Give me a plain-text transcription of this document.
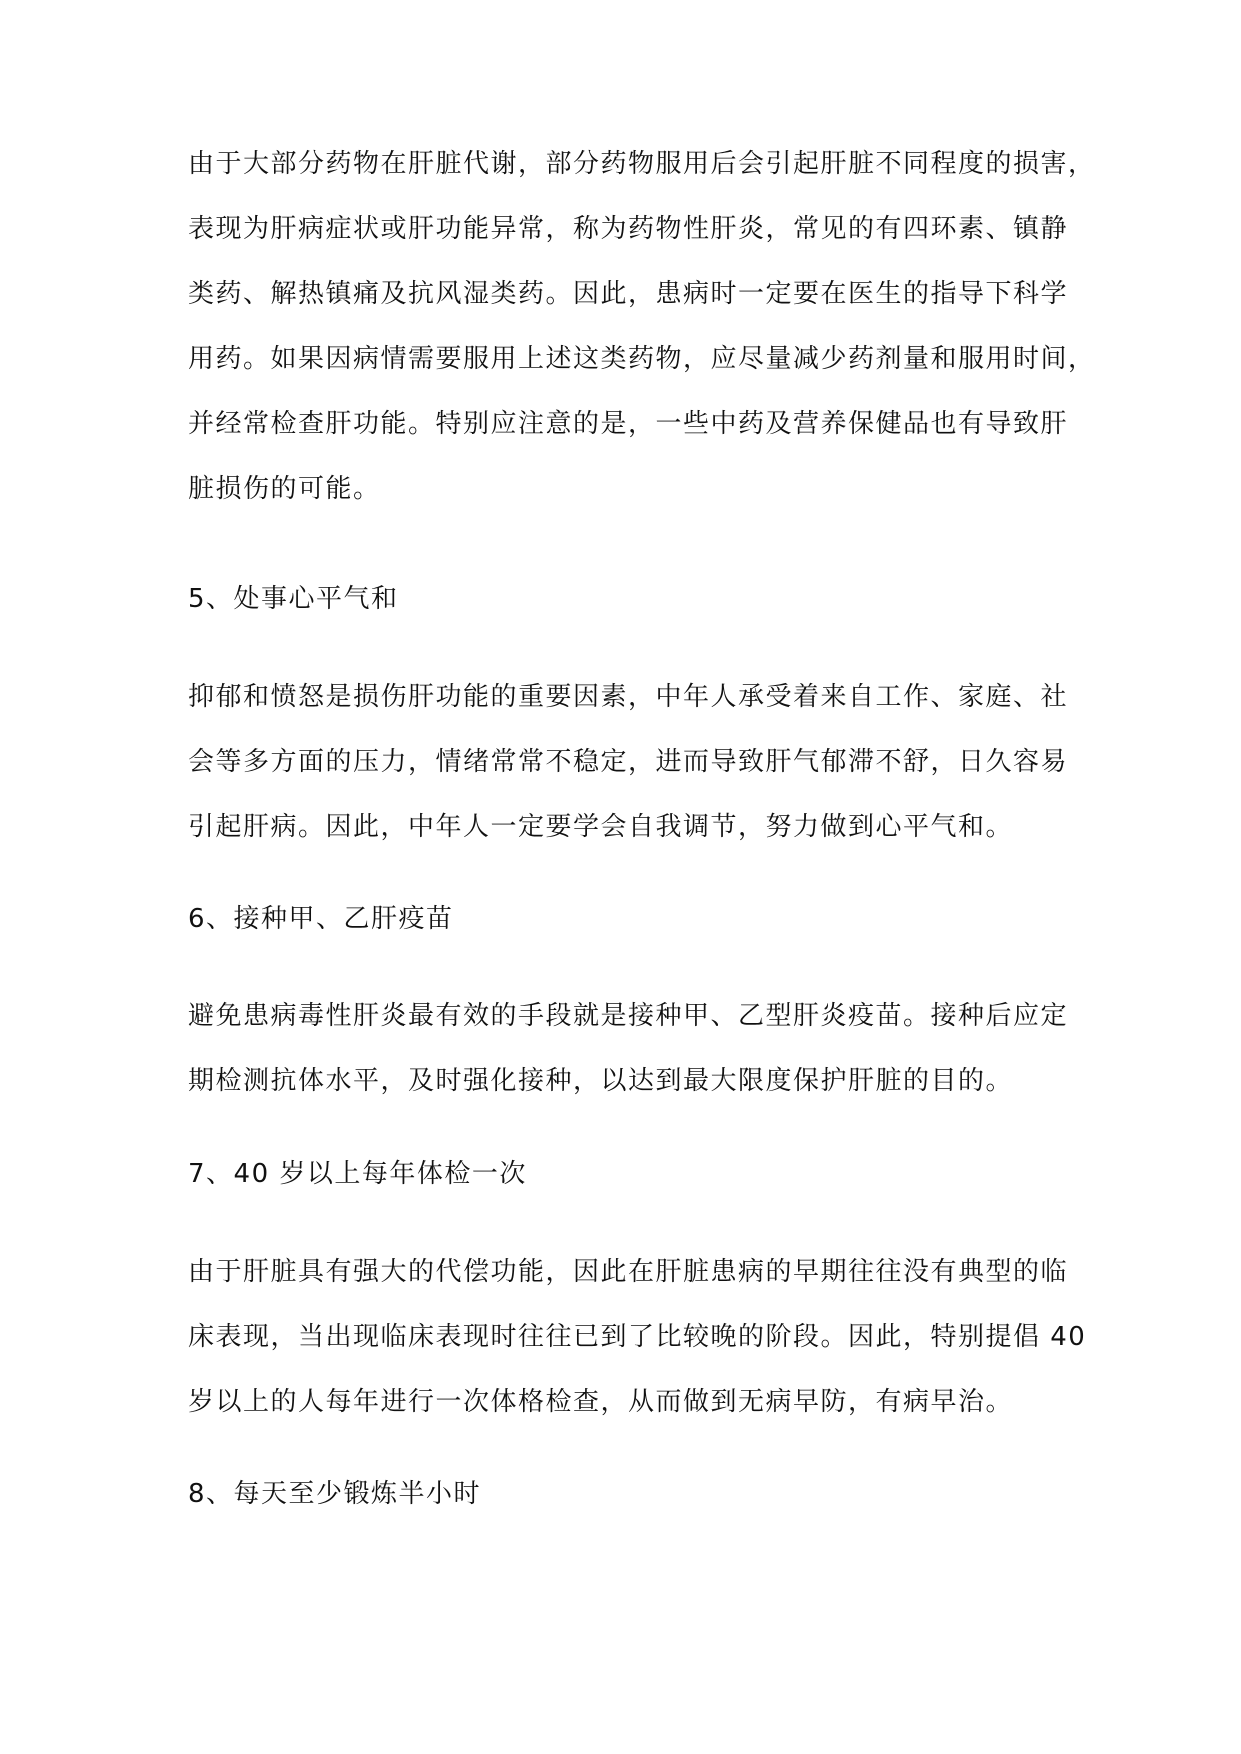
由于大部分药物在肝脏代谢，部分药物服用后会引起肝脏不同程度的损害，
表现为肝病症状或肝功能异常，称为药物性肝炎，常见的有四环素、镇静
类药、解热镇痛及抗风湿类药。因此，患病时一定要在医生的指导下科学
用药。如果因病情需要服用上述这类药物，应尽量减少药剂量和服用时间，
并经常检查肝功能。特别应注意的是，一些中药及营养保健品也有导致肝
脏损伤的可能。
5、处事心平气和
抑郁和愤怒是损伤肝功能的重要因素，中年人承受着来自工作、家庭、社
会等多方面的压力，情绪常常不稳定，进而导致肝气郁滞不舒，日久容易
引起肝病。因此，中年人一定要学会自我调节，努力做到心平气和。
6、接种甲、乙肝疫苗
避免患病毒性肝炎最有效的手段就是接种甲、乙型肝炎疫苗。接种后应定
期检测抗体水平，及时强化接种，以达到最大限度保护肝脏的目的。
7、40 岁以上每年体检一次
由于肝脏具有强大的代偿功能，因此在肝脏患病的早期往往没有典型的临
床表现，当出现临床表现时往往已到了比较晚的阶段。因此，特别提倡 40
岁以上的人每年进行一次体格检查，从而做到无病早防，有病早治。
8、每天至少锻炼半小时
